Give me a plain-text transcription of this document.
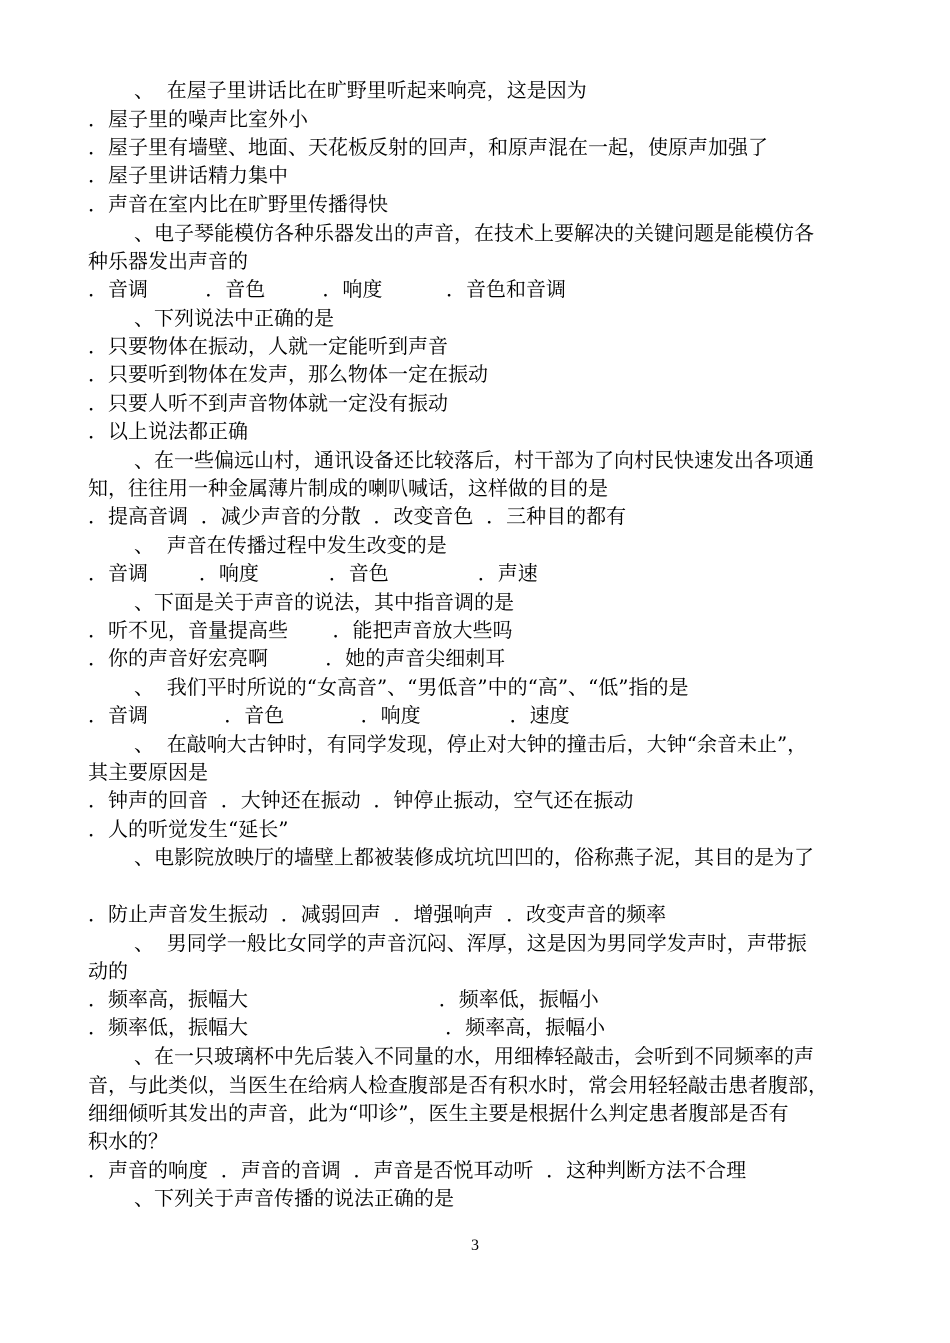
、  在屋子里讲话比在旷野里听起来响亮，这是因为
．屋子里的噪声比室外小
．屋子里有墙壁、地面、天花板反射的回声，和原声混在一起，使原声加强了
．屋子里讲话精力集中
．声音在室内比在旷野里传播得快
、电子琴能模仿各种乐器发出的声音，在技术上要解决的关键问题是能模仿各
种乐器发出声音的
．音调         ．音色         ．响度          ．音色和音调
、下列说法中正确的是
．只要物体在振动，人就一定能听到声音
．只要听到物体在发声，那么物体一定在振动
．只要人听不到声音物体就一定没有振动
．以上说法都正确
、在一些偏远山村，通讯设备还比较落后，村干部为了向村民快速发出各项通
知，往往用一种金属薄片制成的喇叭喊话，这样做的目的是
．提高音调  ．减少声音的分散  ．改变音色  ．三种目的都有
、  声音在传播过程中发生改变的是
．音调        ．响度           ．音色              ．声速
、下面是关于声音的说法，其中指音调的是
．听不见，音量提高些       ．能把声音放大些吗
．你的声音好宏亮啊         ．她的声音尖细刺耳
、  我们平时所说的“女高音”、“男低音”中的“高”、“低”指的是
．音调            ．音色            ．响度              ．速度
、  在敲响大古钟时，有同学发现，停止对大钟的撞击后，大钟“余音未止”，
其主要原因是
．钟声的回音  ．大钟还在振动  ．钟停止振动，空气还在振动
．人的听觉发生“延长”
、电影院放映厅的墙壁上都被装修成坑坑凹凹的，俗称燕子泥，其目的是为了
．防止声音发生振动  ．减弱回声  ．增强响声  ．改变声音的频率
、  男同学一般比女同学的声音沉闷、浑厚，这是因为男同学发声时，声带振
动的
．频率高，振幅大                              ．频率低，振幅小
．频率低，振幅大                               ．频率高，振幅小
、在一只玻璃杯中先后装入不同量的水，用细棒轻敲击，会听到不同频率的声
音，与此类似，当医生在给病人检查腹部是否有积水时，常会用轻轻敲击患者腹部，
细细倾听其发出的声音，此为“叩诊”，医生主要是根据什么判定患者腹部是否有
积水的？
．声音的响度  ．声音的音调  ．声音是否悦耳动听  ．这种判断方法不合理
、下列关于声音传播的说法正确的是
3
